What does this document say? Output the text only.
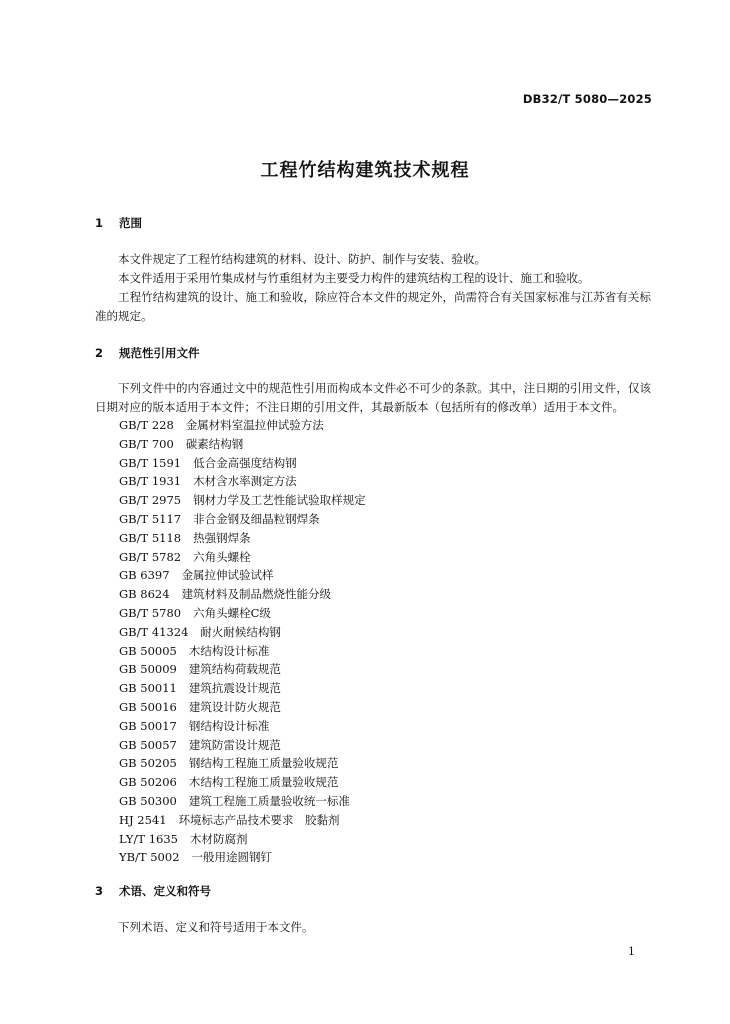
DB32/T 5080—2025
工程竹结构建筑技术规程
1 范围
本文件规定了工程竹结构建筑的材料、设计、防护、制作与安装、验收。
本文件适用于采用竹集成材与竹重组材为主要受力构件的建筑结构工程的设计、施工和验收。
工程竹结构建筑的设计、施工和验收，除应符合本文件的规定外，尚需符合有关国家标准与江苏省有关标准的规定。
2 规范性引用文件
下列文件中的内容通过文中的规范性引用而构成本文件必不可少的条款。其中，注日期的引用文件，仅该日期对应的版本适用于本文件；不注日期的引用文件，其最新版本（包括所有的修改单）适用于本文件。
GB/T 228 金属材料室温拉伸试验方法
GB/T 700 碳素结构钢
GB/T 1591 低合金高强度结构钢
GB/T 1931 木材含水率测定方法
GB/T 2975 钢材力学及工艺性能试验取样规定
GB/T 5117 非合金钢及细晶粒钢焊条
GB/T 5118 热强钢焊条
GB/T 5782 六角头螺栓
GB 6397 金属拉伸试验试样
GB 8624 建筑材料及制品燃烧性能分级
GB/T 5780 六角头螺栓C级
GB/T 41324 耐火耐候结构钢
GB 50005 木结构设计标准
GB 50009 建筑结构荷载规范
GB 50011 建筑抗震设计规范
GB 50016 建筑设计防火规范
GB 50017 钢结构设计标准
GB 50057 建筑防雷设计规范
GB 50205 钢结构工程施工质量验收规范
GB 50206 木结构工程施工质量验收规范
GB 50300 建筑工程施工质量验收统一标准
HJ 2541 环境标志产品技术要求　胶黏剂
LY/T 1635 木材防腐剂
YB/T 5002 一般用途圆钢钉
3 术语、定义和符号
下列术语、定义和符号适用于本文件。
1
